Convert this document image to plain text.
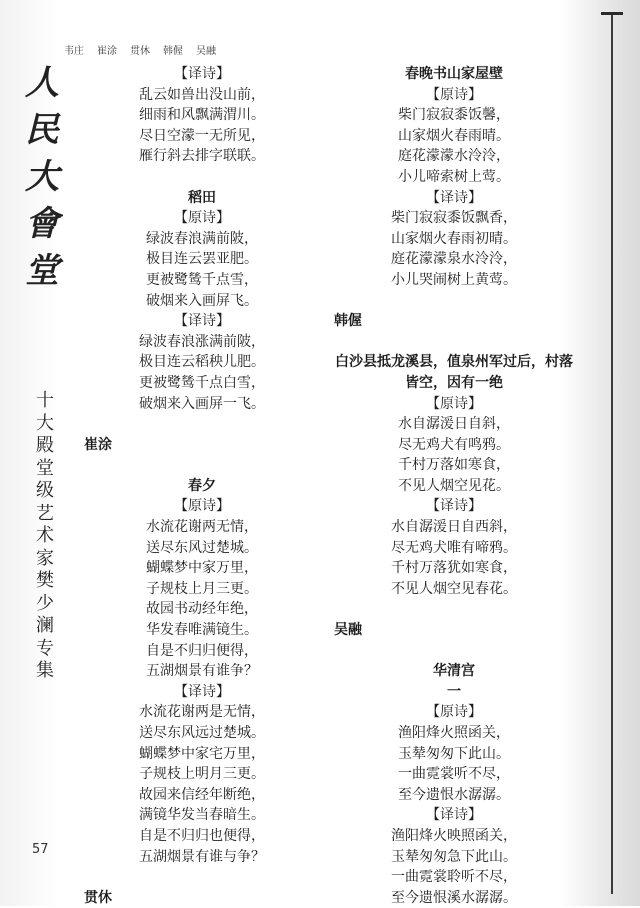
韦庄 崔涂 贯休 韩偓 吴融
人
民
大
會
堂
十
大
殿
堂
级
艺
术
家
樊
少
澜
专
集
57
【译诗】
乱云如兽出没山前，
细雨和风飘满渭川。
尽日空濛一无所见，
雁行斜去排字联联。
稻田
【原诗】
绿波春浪满前陂，
极目连云罢亚肥。
更被鹭鸶千点雪，
破烟来入画屏飞。
【译诗】
绿波春浪涨满前陂，
极目连云稻秧儿肥。
更被鹭鸶千点白雪，
破烟来入画屏一飞。
崔涂
春夕
【原诗】
水流花谢两无情，
送尽东风过楚城。
蝴蝶梦中家万里，
子规枝上月三更。
故园书动经年绝，
华发春唯满镜生。
自是不归归便得，
五湖烟景有谁争？
【译诗】
水流花谢两是无情，
送尽东风远过楚城。
蝴蝶梦中家宅万里，
子规枝上明月三更。
故园来信经年断绝，
满镜华发当春暗生。
自是不归归也便得，
五湖烟景有谁与争？
贯休
春晚书山家屋壁
【原诗】
柴门寂寂黍饭馨，
山家烟火春雨晴。
庭花濛濛水泠泠，
小儿啼索树上莺。
【译诗】
柴门寂寂黍饭飘香，
山家烟火春雨初晴。
庭花濛濛泉水泠泠，
小儿哭闹树上黄莺。
韩偓
白沙县抵龙溪县，值泉州军过后，村落
皆空，因有一绝
【原诗】
水自潺湲日自斜，
尽无鸡犬有鸣鸦。
千村万落如寒食，
不见人烟空见花。
【译诗】
水自潺湲日自西斜，
尽无鸡犬唯有啼鸦。
千村万落犹如寒食，
不见人烟空见春花。
吴融
华清宫
一
【原诗】
渔阳烽火照函关，
玉辇匆匆下此山。
一曲霓裳听不尽，
至今遗恨水潺潺。
【译诗】
渔阳烽火映照函关，
玉辇匆匆急下此山。
一曲霓裳聆听不尽，
至今遗恨溪水潺潺。
